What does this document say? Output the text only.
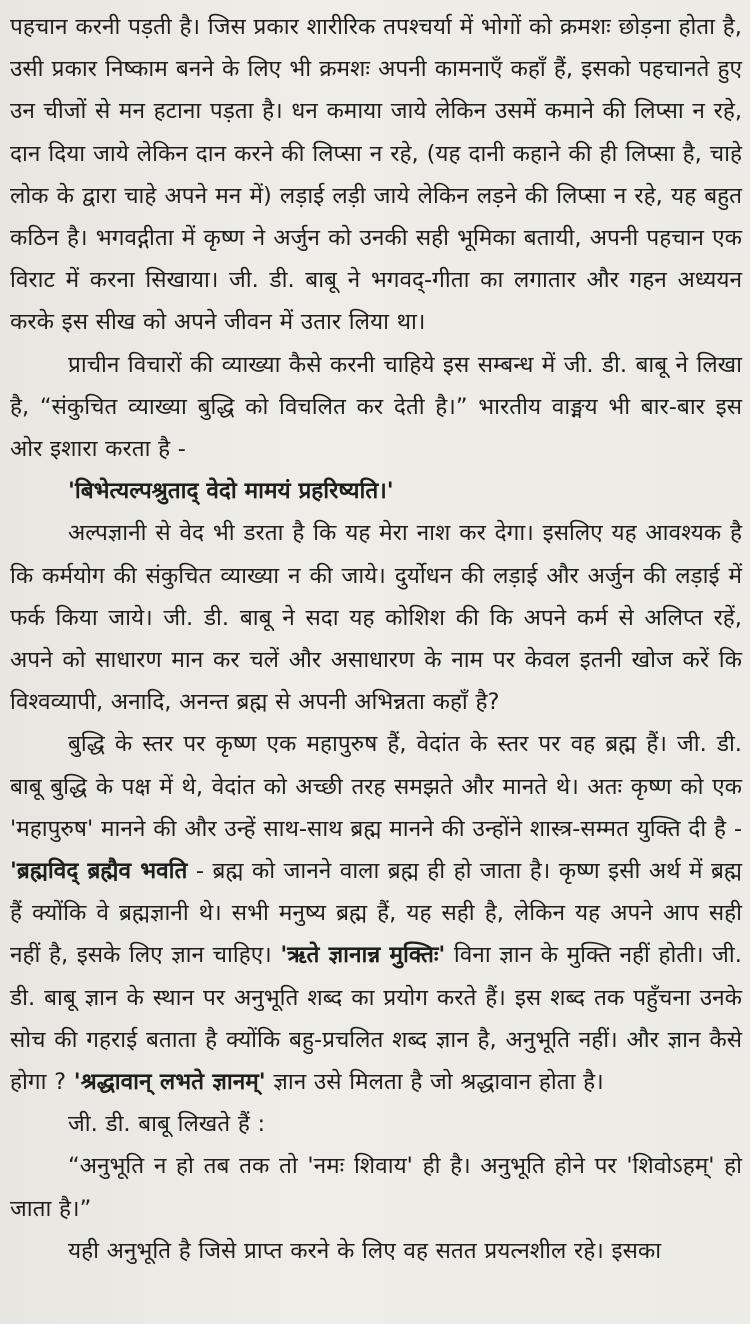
पहचान करनी पड़ती है। जिस प्रकार शारीरिक तपश्चर्या में भोगों को क्रमशः छोड़ना होता है, उसी प्रकार निष्काम बनने के लिए भी क्रमशः अपनी कामनाएँ कहाँ हैं, इसको पहचानते हुए उन चीजों से मन हटाना पड़ता है। धन कमाया जाये लेकिन उसमें कमाने की लिप्सा न रहे, दान दिया जाये लेकिन दान करने की लिप्सा न रहे, (यह दानी कहाने की ही लिप्सा है, चाहे लोक के द्वारा चाहे अपने मन में) लड़ाई लड़ी जाये लेकिन लड़ने की लिप्सा न रहे, यह बहुत कठिन है। भगवद्गीता में कृष्ण ने अर्जुन को उनकी सही भूमिका बतायी, अपनी पहचान एक विराट में करना सिखाया। जी. डी. बाबू ने भगवद्-गीता का लगातार और गहन अध्ययन करके इस सीख को अपने जीवन में उतार लिया था।

प्राचीन विचारों की व्याख्या कैसे करनी चाहिये इस सम्बन्ध में जी. डी. बाबू ने लिखा है, “संकुचित व्याख्या बुद्धि को विचलित कर देती है।” भारतीय वाङ्मय भी बार-बार इस ओर इशारा करता है -

'बिभेत्यल्पश्रुताद् वेदो मामयं प्रहरिष्यति।'

अल्पज्ञानी से वेद भी डरता है कि यह मेरा नाश कर देगा। इसलिए यह आवश्यक है कि कर्मयोग की संकुचित व्याख्या न की जाये। दुर्योधन की लड़ाई और अर्जुन की लड़ाई में फर्क किया जाये। जी. डी. बाबू ने सदा यह कोशिश की कि अपने कर्म से अलिप्त रहें, अपने को साधारण मान कर चलें और असाधारण के नाम पर केवल इतनी खोज करें कि विश्वव्यापी, अनादि, अनन्त ब्रह्म से अपनी अभिन्नता कहाँ है?

बुद्धि के स्तर पर कृष्ण एक महापुरुष हैं, वेदांत के स्तर पर वह ब्रह्म हैं। जी. डी. बाबू बुद्धि के पक्ष में थे, वेदांत को अच्छी तरह समझते और मानते थे। अतः कृष्ण को एक 'महापुरुष' मानने की और उन्हें साथ-साथ ब्रह्म मानने की उन्होंने शास्त्र-सम्मत युक्ति दी है - 'ब्रह्मविद् ब्रह्मैव भवति - ब्रह्म को जानने वाला ब्रह्म ही हो जाता है। कृष्ण इसी अर्थ में ब्रह्म हैं क्योंकि वे ब्रह्मज्ञानी थे। सभी मनुष्य ब्रह्म हैं, यह सही है, लेकिन यह अपने आप सही नहीं है, इसके लिए ज्ञान चाहिए। 'ऋते ज्ञानान्न मुक्तिः' विना ज्ञान के मुक्ति नहीं होती। जी. डी. बाबू ज्ञान के स्थान पर अनुभूति शब्द का प्रयोग करते हैं। इस शब्द तक पहुँचना उनके सोच की गहराई बताता है क्योंकि बहु-प्रचलित शब्द ज्ञान है, अनुभूति नहीं। और ज्ञान कैसे होगा ? 'श्रद्धावान् लभते ज्ञानम्' ज्ञान उसे मिलता है जो श्रद्धावान होता है।

जी. डी. बाबू लिखते हैं :

“अनुभूति न हो तब तक तो 'नमः शिवाय' ही है। अनुभूति होने पर 'शिवोऽहम्' हो जाता है।”

यही अनुभूति है जिसे प्राप्त करने के लिए वह सतत प्रयत्नशील रहे। इसका
